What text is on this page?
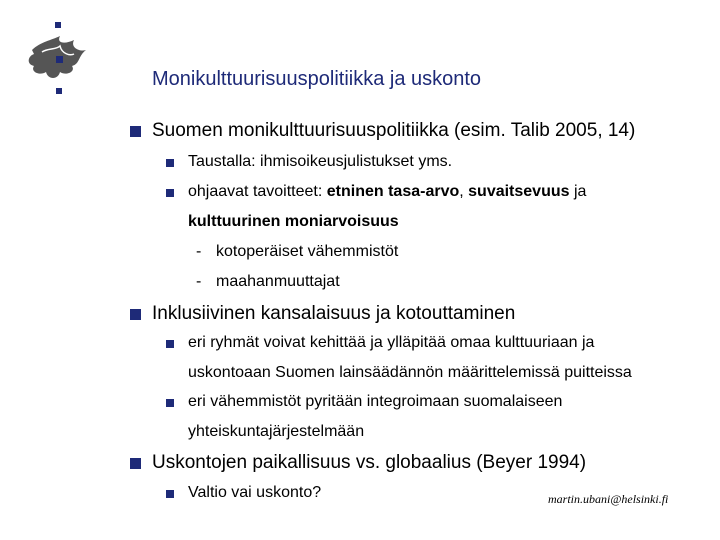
Monikulttuurisuuspolitiikka ja uskonto
Suomen monikulttuurisuuspolitiikka (esim. Talib 2005, 14)
Taustalla: ihmisoikeusjulistukset yms.
ohjaavat tavoitteet: etninen tasa-arvo, suvaitsevuus ja
kulttuurinen moniarvoisuus
- kotoperäiset vähemmistöt
- maahanmuuttajat
Inklusiivinen kansalaisuus ja kotouttaminen
eri ryhmät voivat kehittää ja ylläpitää omaa kulttuuriaan ja
uskontoaan Suomen lainsäädännön määrittelemissä puitteissa
eri vähemmistöt pyritään integroimaan suomalaiseen
yhteiskuntajärjestelmään
Uskontojen paikallisuus vs. globaalius (Beyer 1994)
Valtio vai uskonto?	martin.ubani@helsinki.fi
